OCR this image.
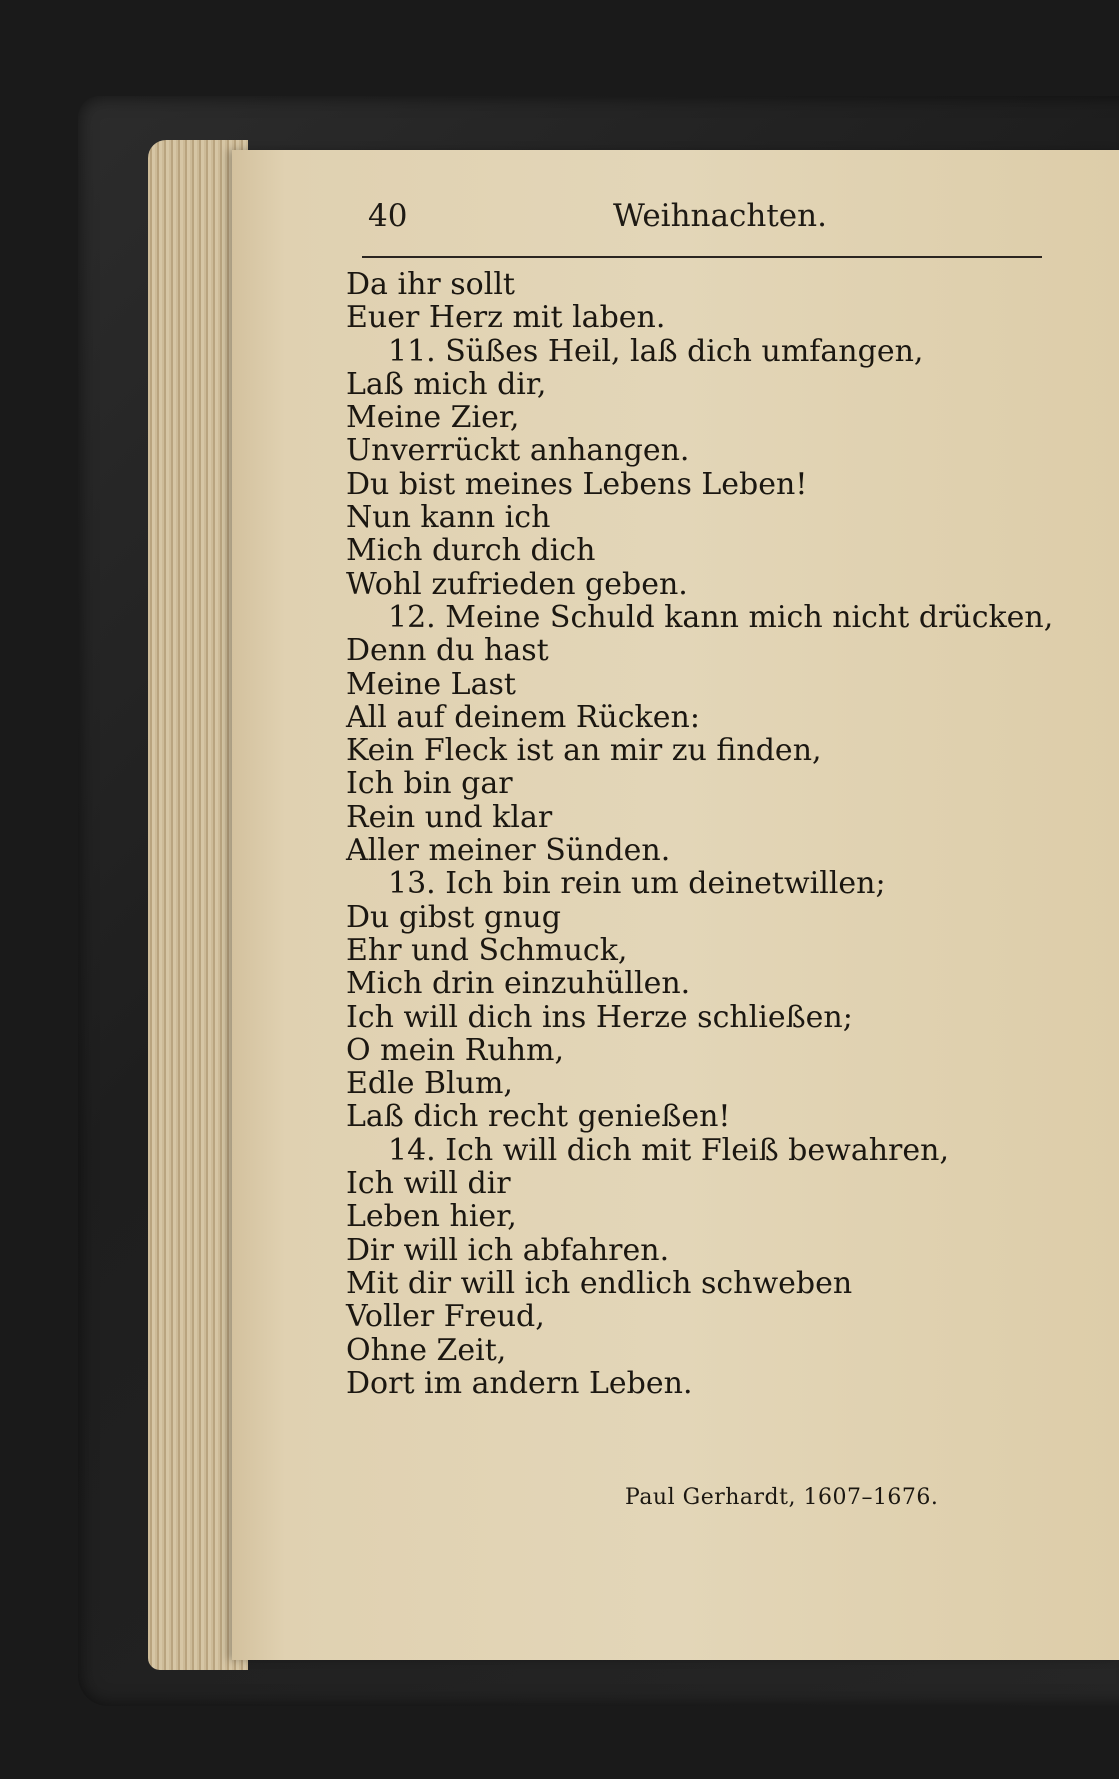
40	Weihnachten.
Da ihr sollt
Euer Herz mit laben.
11. Süßes Heil, laß dich umfangen,
Laß mich dir,
Meine Zier,
Unverrückt anhangen.
Du bist meines Lebens Leben!
Nun kann ich
Mich durch dich
Wohl zufrieden geben.
12. Meine Schuld kann mich nicht drücken,
Denn du hast
Meine Last
All auf deinem Rücken:
Kein Fleck ist an mir zu finden,
Ich bin gar
Rein und klar
Aller meiner Sünden.
13. Ich bin rein um deinetwillen;
Du gibst gnug
Ehr und Schmuck,
Mich drin einzuhüllen.
Ich will dich ins Herze schließen;
O mein Ruhm,
Edle Blum,
Laß dich recht genießen!
14. Ich will dich mit Fleiß bewahren,
Ich will dir
Leben hier,
Dir will ich abfahren.
Mit dir will ich endlich schweben
Voller Freud,
Ohne Zeit,
Dort im andern Leben.
Paul Gerhardt, 1607–1676.
